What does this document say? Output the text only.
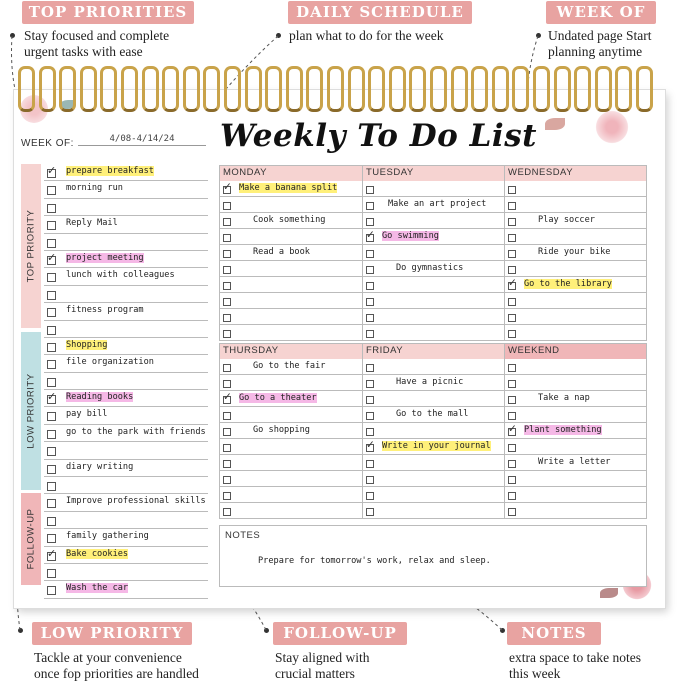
TOP PRIORITIES
Stay focused and complete
urgent tasks with ease
DAILY SCHEDULE
plan what to do for the week
WEEK OF
Undated page Start
planning anytime
LOW PRIORITY
Tackle at your convenience
once fop priorities are handled
FOLLOW-UP
Stay aligned with
crucial matters
NOTES
extra space to take notes
this week
Weekly To Do List
WEEK OF:	4/08-4/14/24
TOP PRIORITY
LOW PRIORITY
FOLLOW-UP
✓ prepare breakfast
morning run
Reply Mail
✓ project meeting
lunch with colleagues
fitness program
Shopping
file organization
✓ Reading books
pay bill
go to the park with friends
diary writing
Improve professional skills
family gathering
✓ Bake cookies
Wash the car
MONDAY
✓ Make a banana split
Cook something
Read a book
TUESDAY
Make an art project
✓ Go swimming
Do gymnastics
WEDNESDAY
Play soccer
Ride your bike
✓ Go to the library
THURSDAY
Go to the fair
✓ Go to a theater
Go shopping
FRIDAY
Have a picnic
Go to the mall
✓ Write in your journal
WEEKEND
Take a nap
✓ Plant something
Write a letter
NOTES
Prepare for tomorrow's work, relax and sleep.
